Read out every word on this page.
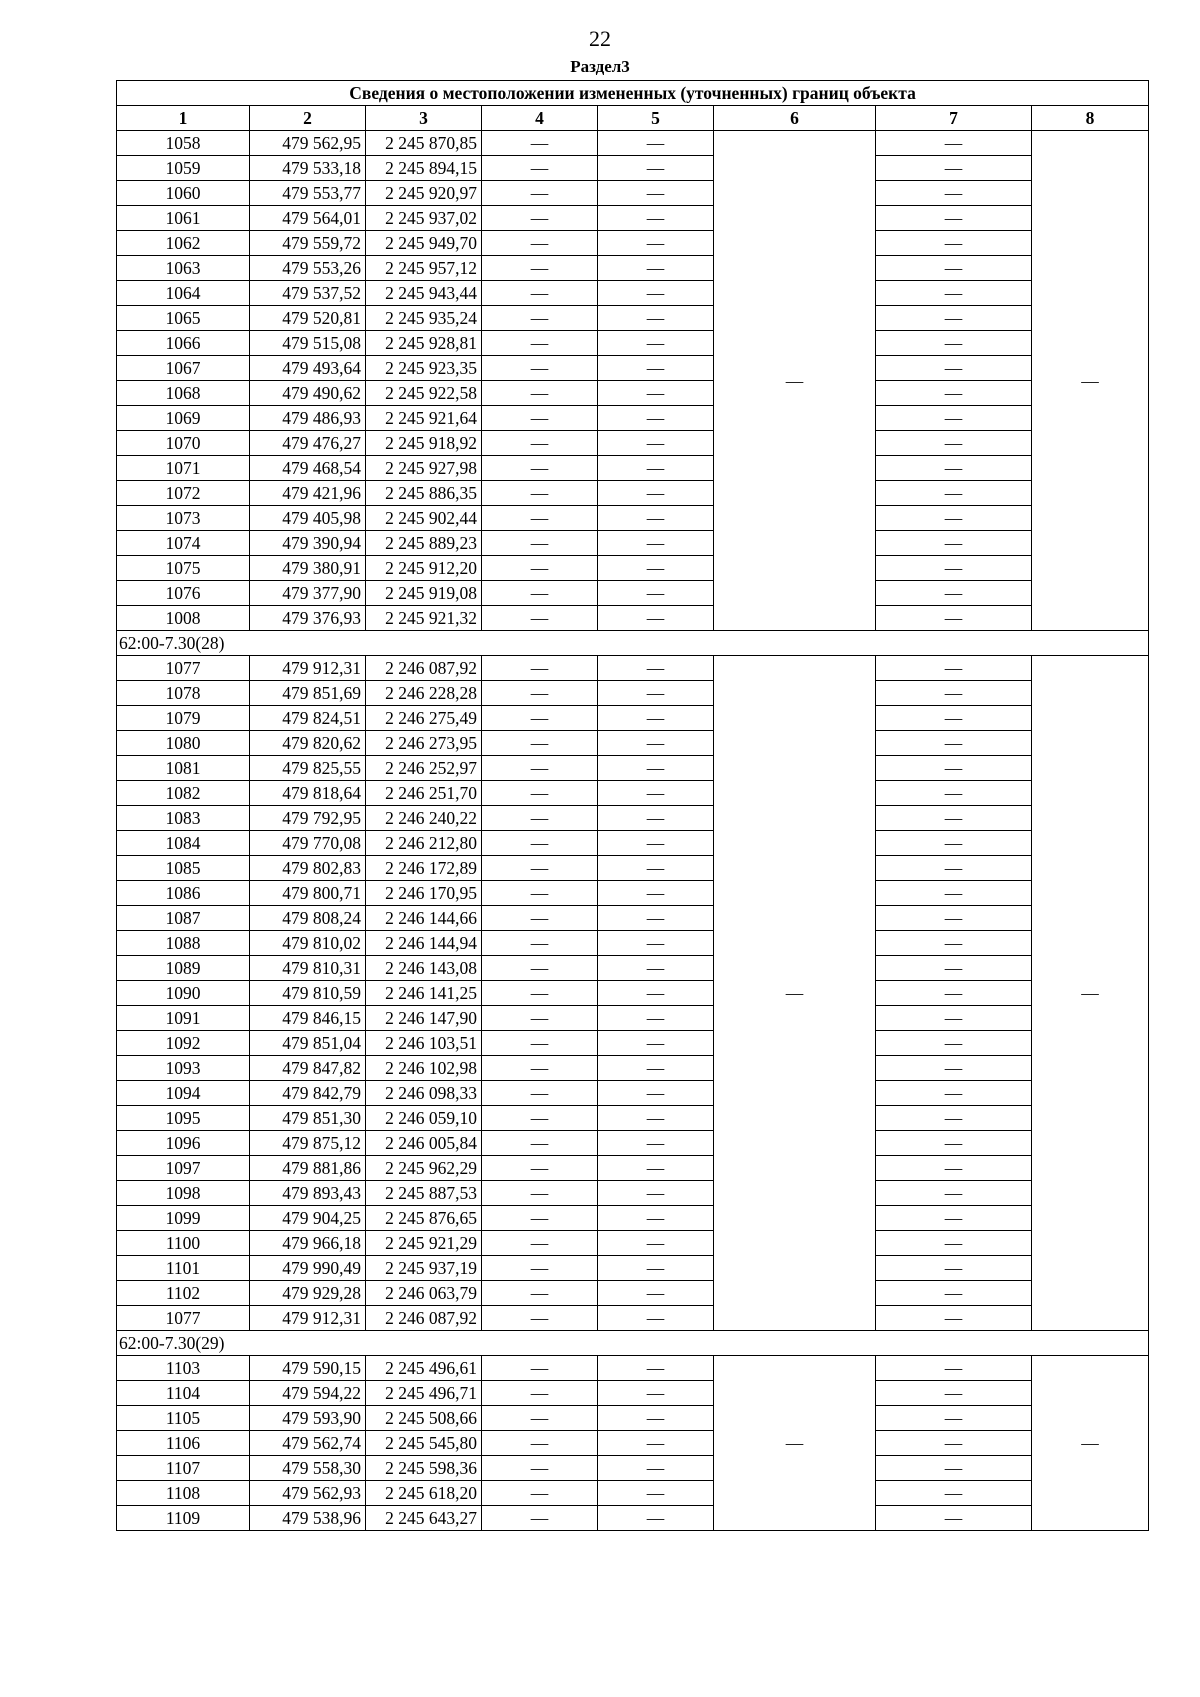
22
Раздел3
Сведения о местоположении измененных (уточненных) границ объекта							
1	2	3	4	5	6	7	8
1058	479 562,95	2 245 870,85	—	—	—	—	—
1059	479 533,18	2 245 894,15	—	—		—	
1060	479 553,77	2 245 920,97	—	—		—	
1061	479 564,01	2 245 937,02	—	—		—	
1062	479 559,72	2 245 949,70	—	—		—	
1063	479 553,26	2 245 957,12	—	—		—	
1064	479 537,52	2 245 943,44	—	—		—	
1065	479 520,81	2 245 935,24	—	—		—	
1066	479 515,08	2 245 928,81	—	—		—	
1067	479 493,64	2 245 923,35	—	—		—	
1068	479 490,62	2 245 922,58	—	—		—	
1069	479 486,93	2 245 921,64	—	—		—	
1070	479 476,27	2 245 918,92	—	—		—	
1071	479 468,54	2 245 927,98	—	—		—	
1072	479 421,96	2 245 886,35	—	—		—	
1073	479 405,98	2 245 902,44	—	—		—	
1074	479 390,94	2 245 889,23	—	—		—	
1075	479 380,91	2 245 912,20	—	—		—	
1076	479 377,90	2 245 919,08	—	—		—	
1008	479 376,93	2 245 921,32	—	—		—	
62:00-7.30(28)							
1077	479 912,31	2 246 087,92	—	—	—	—	—
1078	479 851,69	2 246 228,28	—	—		—	
1079	479 824,51	2 246 275,49	—	—		—	
1080	479 820,62	2 246 273,95	—	—		—	
1081	479 825,55	2 246 252,97	—	—		—	
1082	479 818,64	2 246 251,70	—	—		—	
1083	479 792,95	2 246 240,22	—	—		—	
1084	479 770,08	2 246 212,80	—	—		—	
1085	479 802,83	2 246 172,89	—	—		—	
1086	479 800,71	2 246 170,95	—	—		—	
1087	479 808,24	2 246 144,66	—	—		—	
1088	479 810,02	2 246 144,94	—	—		—	
1089	479 810,31	2 246 143,08	—	—		—	
1090	479 810,59	2 246 141,25	—	—		—	
1091	479 846,15	2 246 147,90	—	—		—	
1092	479 851,04	2 246 103,51	—	—		—	
1093	479 847,82	2 246 102,98	—	—		—	
1094	479 842,79	2 246 098,33	—	—		—	
1095	479 851,30	2 246 059,10	—	—		—	
1096	479 875,12	2 246 005,84	—	—		—	
1097	479 881,86	2 245 962,29	—	—		—	
1098	479 893,43	2 245 887,53	—	—		—	
1099	479 904,25	2 245 876,65	—	—		—	
1100	479 966,18	2 245 921,29	—	—		—	
1101	479 990,49	2 245 937,19	—	—		—	
1102	479 929,28	2 246 063,79	—	—		—	
1077	479 912,31	2 246 087,92	—	—		—	
62:00-7.30(29)							
1103	479 590,15	2 245 496,61	—	—	—	—	—
1104	479 594,22	2 245 496,71	—	—		—	
1105	479 593,90	2 245 508,66	—	—		—	
1106	479 562,74	2 245 545,80	—	—		—	
1107	479 558,30	2 245 598,36	—	—		—	
1108	479 562,93	2 245 618,20	—	—		—	
1109	479 538,96	2 245 643,27	—	—		—	
